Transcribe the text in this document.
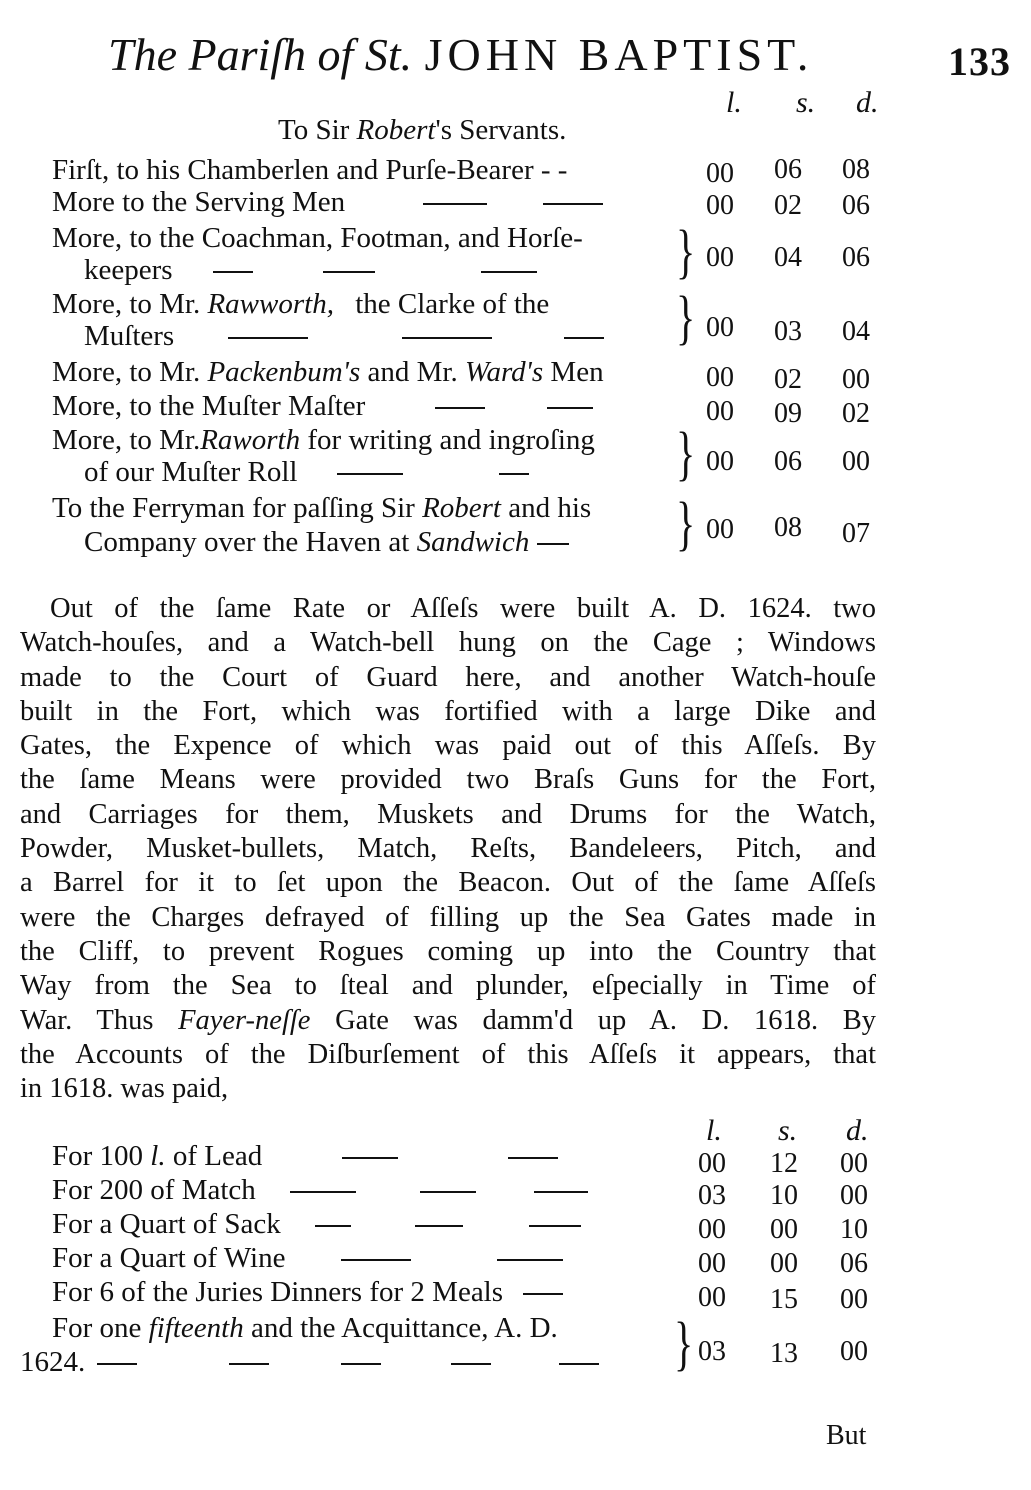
The Pariſh of St. JOHN BAPTIST.	133
l. s. d.
To Sir Robert's Servants.
Firſt, to his Chamberlen and Purſe-Bearer - -	00	06	08
More to the Serving Men	00	02	06
More, to the Coachman, Footman, and Horſe-
keepers	} 00	04	06
More, to Mr. Rawworth, the Clarke of the
Muſters	} 00	03	04
More, to Mr. Packenbum's and Mr. Ward's Men	00	02	00
More, to the Muſter Maſter	00	09	02
More, to Mr.Raworth for writing and ingroſing
of our Muſter Roll	} 00	06	00
To the Ferryman for paſſing Sir Robert and his
Company over the Haven at Sandwich	} 00	08	07
Out of the ſame Rate or Aſſeſs were built A. D. 1624. two
Watch-houſes, and a Watch-bell hung on the Cage ; Windows
made to the Court of Guard here, and another Watch-houſe
built in the Fort, which was fortified with a large Dike and
Gates, the Expence of which was paid out of this Aſſeſs. By
the ſame Means were provided two Braſs Guns for the Fort,
and Carriages for them, Muskets and Drums for the Watch,
Powder, Musket-bullets, Match, Reſts, Bandeleers, Pitch, and
a Barrel for it to ſet upon the Beacon. Out of the ſame Aſſeſs
were the Charges defrayed of filling up the Sea Gates made in
the Cliff, to prevent Rogues coming up into the Country that
Way from the Sea to ſteal and plunder, eſpecially in Time of
War. Thus Fayer-neſſe Gate was damm'd up A. D. 1618. By
the Accounts of the Diſburſement of this Aſſeſs it appears, that
in 1618. was paid,
l. s. d.
For 100 l. of Lead	00	12	00
For 200 of Match	03	10	00
For a Quart of Sack	00	00	10
For a Quart of Wine	00	00	06
For 6 of the Juries Dinners for 2 Meals	00	15	00
For one fifteenth and the Acquittance, A. D.
1624.	} 03	13	00
But
